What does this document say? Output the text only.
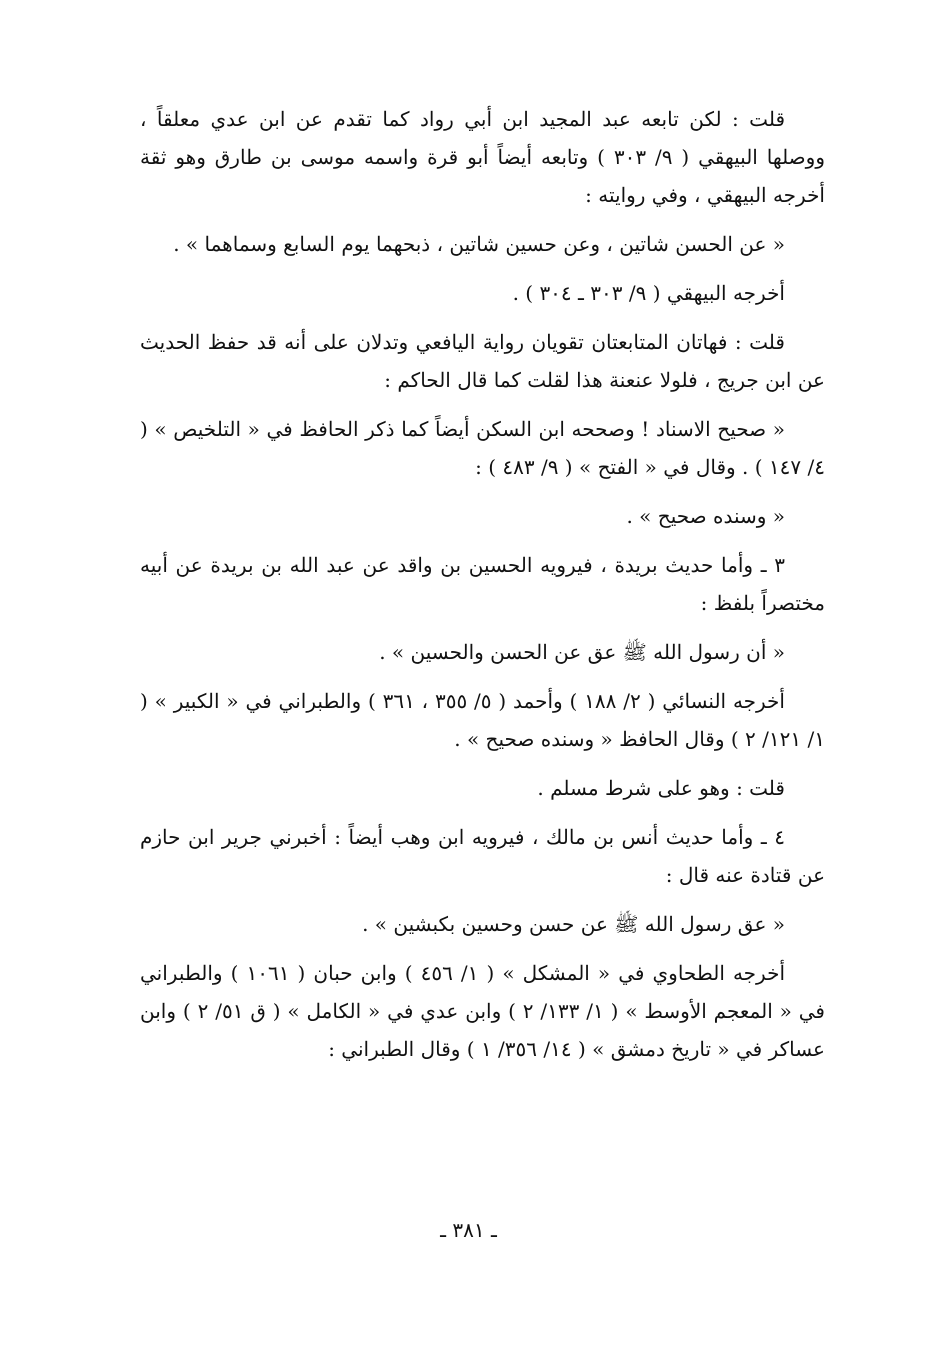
قلت : لكن تابعه عبد المجيد ابن أبي رواد كما تقدم عن ابن عدي معلقاً ، ووصلها البيهقي ( ٩/ ٣٠٣ ) وتابعه أيضاً أبو قرة واسمه موسى بن طارق وهو ثقة أخرجه البيهقي ، وفي روايته :

« عن الحسن شاتين ، وعن حسين شاتين ، ذبحهما يوم السابع وسماهما » .

أخرجه البيهقي ( ٩/ ٣٠٣ ـ ٣٠٤ ) .

قلت : فهاتان المتابعتان تقويان رواية اليافعي وتدلان على أنه قد حفظ الحديث عن ابن جريج ، فلولا عنعنة هذا لقلت كما قال الحاكم :

« صحيح الاسناد ! وصححه ابن السكن أيضاً كما ذكر الحافظ في « التلخيص » ( ٤/ ١٤٧ ) . وقال في « الفتح » ( ٩/ ٤٨٣ ) :

« وسنده صحيح » .

٣ ـ وأما حديث بريدة ، فيرويه الحسين بن واقد عن عبد الله بن بريدة عن أبيه مختصراً بلفظ :

« أن رسول الله ﷺ عق عن الحسن والحسين » .

أخرجه النسائي ( ٢/ ١٨٨ ) وأحمد ( ٥/ ٣٥٥ ، ٣٦١ ) والطبراني في « الكبير » ( ١/ ١٢١/ ٢ ) وقال الحافظ « وسنده صحيح » .

قلت : وهو على شرط مسلم .

٤ ـ وأما حديث أنس بن مالك ، فيرويه ابن وهب أيضاً : أخبرني جرير ابن حازم عن قتادة عنه قال :

« عق رسول الله ﷺ عن حسن وحسين بكبشين » .

أخرجه الطحاوي في « المشكل » ( ١/ ٤٥٦ ) وابن حبان ( ١٠٦١ ) والطبراني في « المعجم الأوسط » ( ١/ ١٣٣/ ٢ ) وابن عدي في « الكامل » ( ق ٥١/ ٢ ) وابن عساكر في « تاريخ دمشق » ( ١٤/ ٣٥٦/ ١ ) وقال الطبراني :

ـ ٣٨١ ـ
